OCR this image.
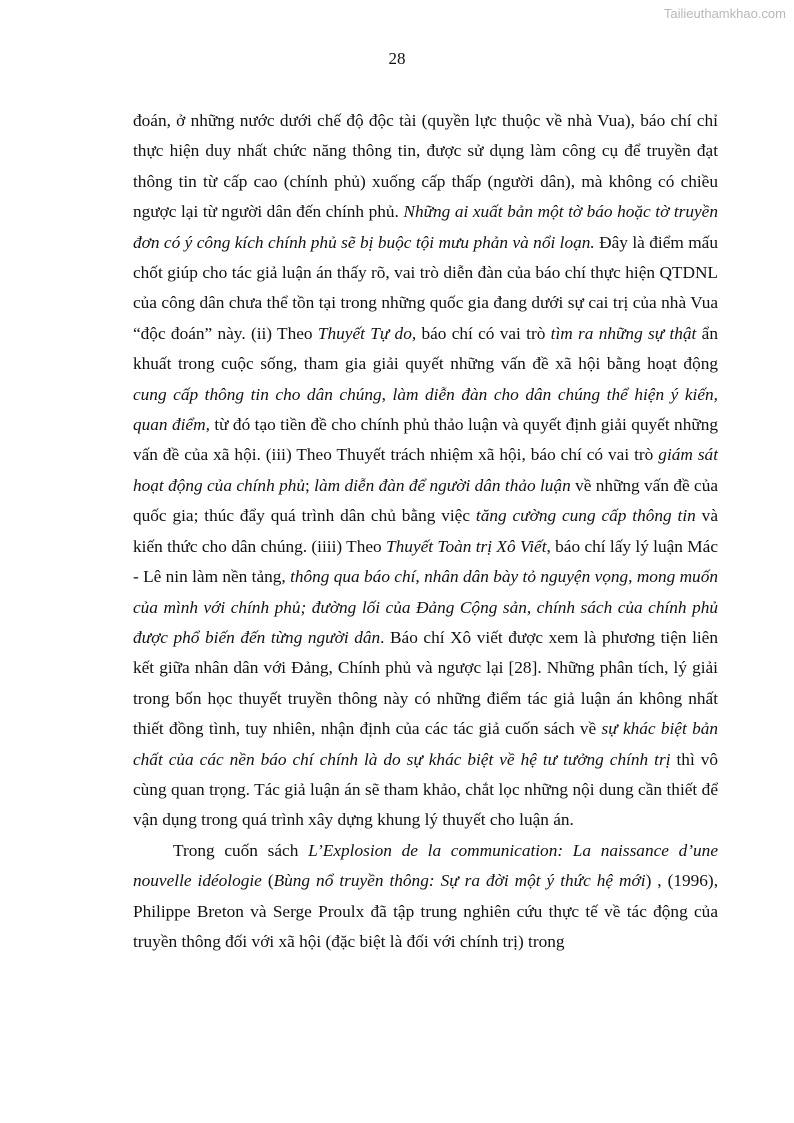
Tailieuthamkhao.com
28

đoán, ở những nước dưới chế độ độc tài (quyền lực thuộc về nhà Vua), báo chí chỉ thực hiện duy nhất chức năng thông tin, được sử dụng làm công cụ để truyền đạt thông tin từ cấp cao (chính phủ) xuống cấp thấp (người dân), mà không có chiều ngược lại từ người dân đến chính phủ. Những ai xuất bản một tờ báo hoặc tờ truyền đơn có ý công kích chính phủ sẽ bị buộc tội mưu phản và nổi loạn. Đây là điểm mấu chốt giúp cho tác giả luận án thấy rõ, vai trò diễn đàn của báo chí thực hiện QTDNL của công dân chưa thể tồn tại trong những quốc gia đang dưới sự cai trị của nhà Vua “độc đoán” này. (ii) Theo Thuyết Tự do, báo chí có vai trò tìm ra những sự thật ẩn khuất trong cuộc sống, tham gia giải quyết những vấn đề xã hội bằng hoạt động cung cấp thông tin cho dân chúng, làm diễn đàn cho dân chúng thể hiện ý kiến, quan điểm, từ đó tạo tiền đề cho chính phủ thảo luận và quyết định giải quyết những vấn đề của xã hội. (iii) Theo Thuyết trách nhiệm xã hội, báo chí có vai trò giám sát hoạt động của chính phủ; làm diễn đàn để người dân thảo luận về những vấn đề của quốc gia; thúc đẩy quá trình dân chủ bằng việc tăng cường cung cấp thông tin và kiến thức cho dân chúng. (iiii) Theo Thuyết Toàn trị Xô Viết, báo chí lấy lý luận Mác - Lê nin làm nền tảng, thông qua báo chí, nhân dân bày tỏ nguyện vọng, mong muốn của mình với chính phủ; đường lối của Đảng Cộng sản, chính sách của chính phủ được phổ biến đến từng người dân. Báo chí Xô viết được xem là phương tiện liên kết giữa nhân dân với Đảng, Chính phủ và ngược lại [28]. Những phân tích, lý giải trong bốn học thuyết truyền thông này có những điểm tác giả luận án không nhất thiết đồng tình, tuy nhiên, nhận định của các tác giả cuốn sách về sự khác biệt bản chất của các nền báo chí chính là do sự khác biệt về hệ tư tưởng chính trị thì vô cùng quan trọng. Tác giả luận án sẽ tham khảo, chắt lọc những nội dung cần thiết để vận dụng trong quá trình xây dựng khung lý thuyết cho luận án.

Trong cuốn sách L’Explosion de la communication: La naissance d’une nouvelle idéologie (Bùng nổ truyền thông: Sự ra đời một ý thức hệ mới) , (1996), Philippe Breton và Serge Proulx đã tập trung nghiên cứu thực tế về tác động của truyền thông đối với xã hội (đặc biệt là đối với chính trị) trong
